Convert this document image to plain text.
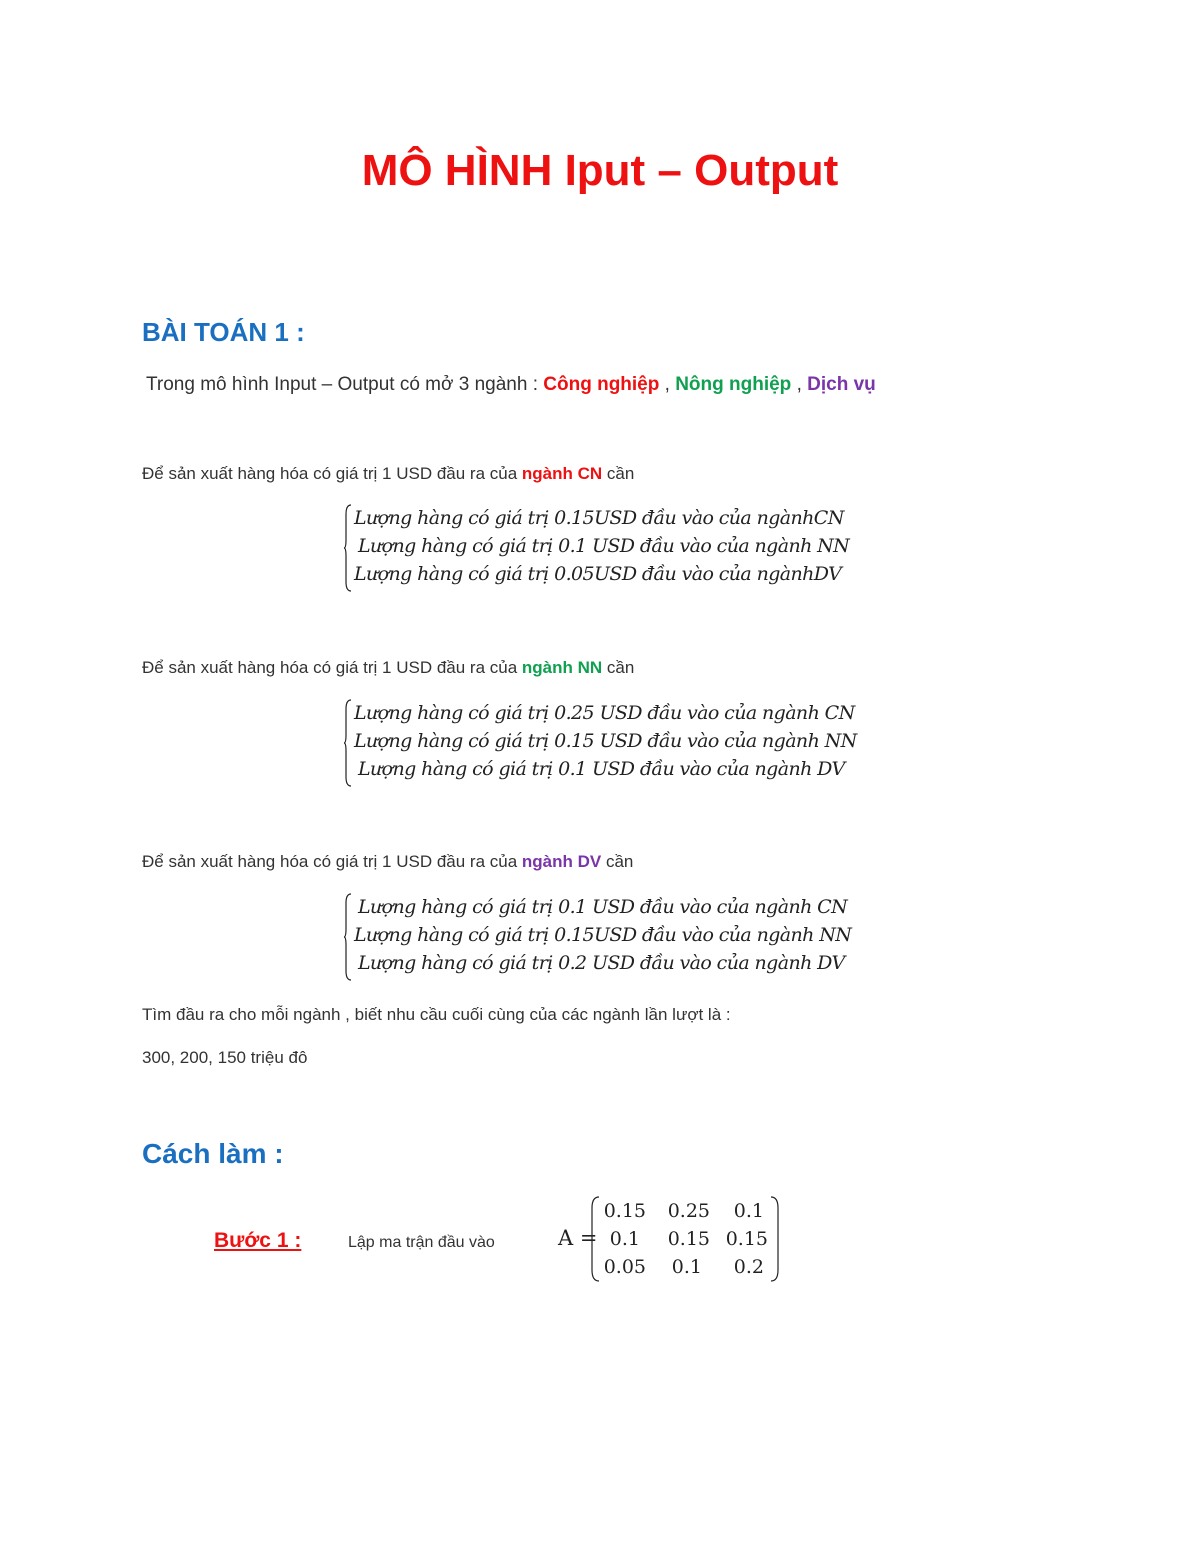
MÔ HÌNH Iput – Output
BÀI TOÁN 1 :
Trong mô hình Input – Output có mở 3 ngành : Công nghiệp , Nông nghiệp , Dịch vụ
Để sản xuất hàng hóa có giá trị 1 USD đầu ra của ngành CN cần
Lượng hàng có giá trị 0.15USD đầu vào của ngànhCN
Lượng hàng có giá trị 0.1 USD đầu vào của ngành NN
Lượng hàng có giá trị 0.05USD đầu vào của ngànhDV
Để sản xuất hàng hóa có giá trị 1 USD đầu ra của ngành NN cần
Lượng hàng có giá trị 0.25 USD đầu vào của ngành CN
Lượng hàng có giá trị 0.15 USD đầu vào của ngành NN
Lượng hàng có giá trị 0.1 USD đầu vào của ngành DV
Để sản xuất hàng hóa có giá trị 1 USD đầu ra của ngành DV cần
Lượng hàng có giá trị 0.1 USD đầu vào của ngành CN
Lượng hàng có giá trị 0.15USD đầu vào của ngành NN
Lượng hàng có giá trị 0.2 USD đầu vào của ngành DV
Tìm đầu ra cho mỗi ngành , biết nhu cầu cuối cùng của các ngành lần lượt là :
300, 200, 150 triệu đô
Cách làm :
Bước 1 :	Lập ma trận đầu vào	A =
0.15	0.25	0.1
0.1	0.15 0.15
0.05	0.1	0.2
